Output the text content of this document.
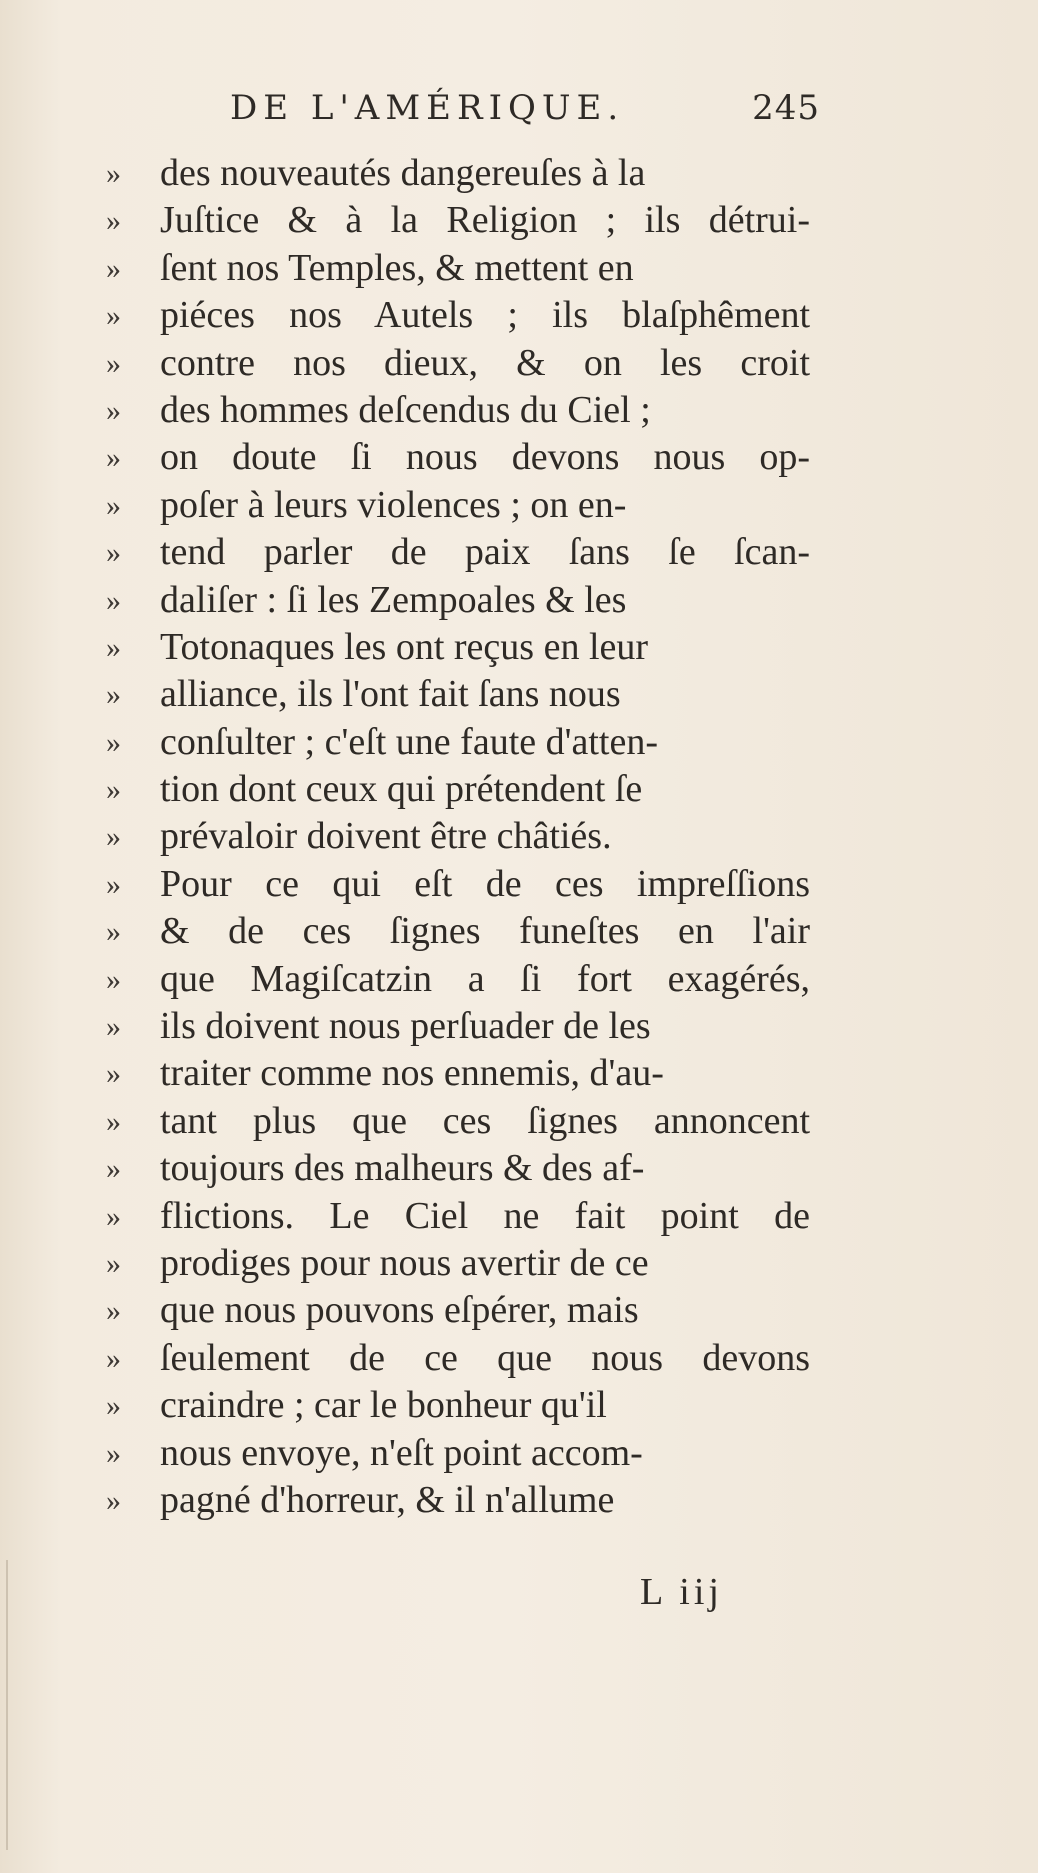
DE L'AMÉRIQUE.	245
» des nouveautés dangereuſes à la
» Juſtice & à la Religion ; ils détrui-
» ſent nos Temples, & mettent en
» piéces nos Autels ; ils blaſphêment
» contre nos dieux, & on les croit
» des hommes deſcendus du Ciel ;
» on doute ſi nous devons nous op-
» poſer à leurs violences ; on en-
» tend parler de paix ſans ſe ſcan-
» daliſer : ſi les Zempoales & les
» Totonaques les ont reçus en leur
» alliance, ils l'ont fait ſans nous
» conſulter ; c'eſt une faute d'atten-
» tion dont ceux qui prétendent ſe
» prévaloir doivent être châtiés.
» Pour ce qui eſt de ces impreſſions
» & de ces ſignes funeſtes en l'air
» que Magiſcatzin a ſi fort exagérés,
» ils doivent nous perſuader de les
» traiter comme nos ennemis, d'au-
» tant plus que ces ſignes annoncent
» toujours des malheurs & des af-
» flictions. Le Ciel ne fait point de
» prodiges pour nous avertir de ce
» que nous pouvons eſpérer, mais
» ſeulement de ce que nous devons
» craindre ; car le bonheur qu'il
» nous envoye, n'eſt point accom-
» pagné d'horreur, & il n'allume
L iij
